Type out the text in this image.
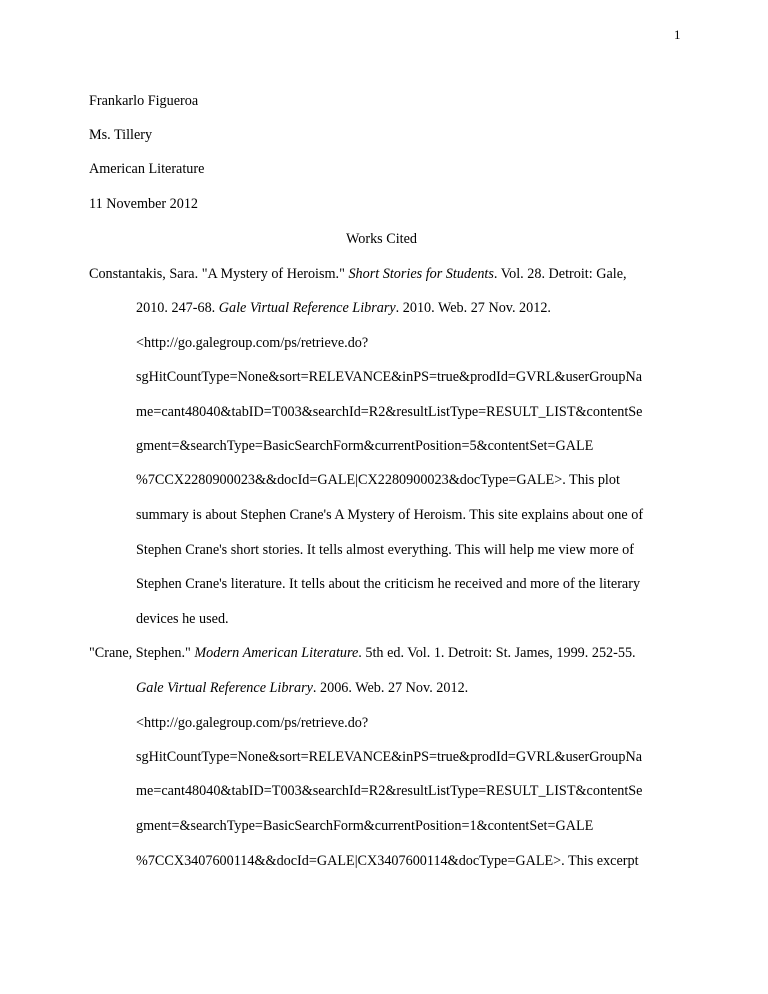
1
Frankarlo Figueroa
Ms. Tillery
American Literature
11 November 2012
Works Cited
Constantakis, Sara. "A Mystery of Heroism." Short Stories for Students. Vol. 28. Detroit: Gale,
2010. 247-68. Gale Virtual Reference Library. 2010. Web. 27 Nov. 2012.
<http://go.galegroup.com/ps/retrieve.do?
sgHitCountType=None&sort=RELEVANCE&inPS=true&prodId=GVRL&userGroupNa
me=cant48040&tabID=T003&searchId=R2&resultListType=RESULT_LIST&contentSe
gment=&searchType=BasicSearchForm&currentPosition=5&contentSet=GALE
%7CCX2280900023&&docId=GALE|CX2280900023&docType=GALE>. This plot
summary is about Stephen Crane's A Mystery of Heroism. This site explains about one of
Stephen Crane's short stories. It tells almost everything. This will help me view more of
Stephen Crane's literature. It tells about the criticism he received and more of the literary
devices he used.
"Crane, Stephen." Modern American Literature. 5th ed. Vol. 1. Detroit: St. James, 1999. 252-55.
Gale Virtual Reference Library. 2006. Web. 27 Nov. 2012.
<http://go.galegroup.com/ps/retrieve.do?
sgHitCountType=None&sort=RELEVANCE&inPS=true&prodId=GVRL&userGroupNa
me=cant48040&tabID=T003&searchId=R2&resultListType=RESULT_LIST&contentSe
gment=&searchType=BasicSearchForm&currentPosition=1&contentSet=GALE
%7CCX3407600114&&docId=GALE|CX3407600114&docType=GALE>. This excerpt
